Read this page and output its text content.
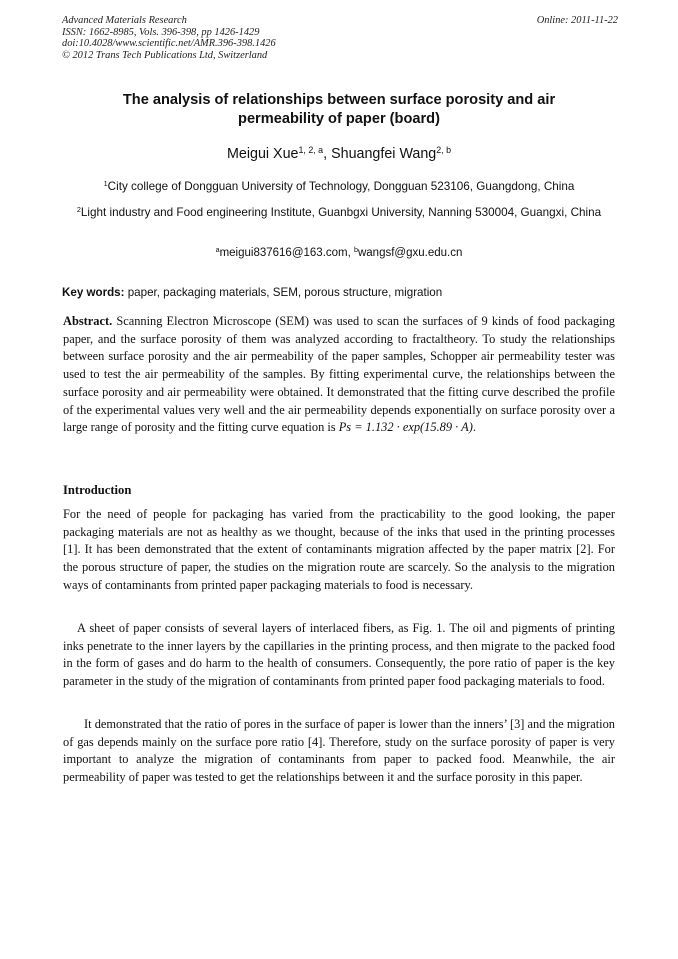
Advanced Materials Research	Online: 2011-11-22
ISSN: 1662-8985, Vols. 396-398, pp 1426-1429
doi:10.4028/www.scientific.net/AMR.396-398.1426
© 2012 Trans Tech Publications Ltd, Switzerland
The analysis of relationships between surface porosity and air
permeability of paper (board)
Meigui Xue$^{1, 2, a}$, Shuangfei Wang$^{2, b}$
$^1$City college of Dongguan University of Technology, Dongguan 523106, Guangdong, China
$^2$Light industry and Food engineering Institute, Guanbgxi University, Nanning 530004, Guangxi, China
$^a$meigui837616@163.com, $^b$wangsf@gxu.edu.cn
Key words: paper, packaging materials, SEM, porous structure, migration
Abstract. Scanning Electron Microscope (SEM) was used to scan the surfaces of 9 kinds of food packaging paper, and the surface porosity of them was analyzed according to fractaltheory. To study the relationships between surface porosity and the air permeability of the paper samples, Schopper air permeability tester was used to test the air permeability of the samples. By fitting experimental curve, the relationships between the surface porosity and air permeability were obtained. It demonstrated that the fitting curve described the profile of the experimental values very well and the air permeability depends exponentially on surface porosity over a large range of porosity and the fitting curve equation is Ps = 1.132 · exp(15.89 · A).
Introduction
For the need of people for packaging has varied from the practicability to the good looking, the paper packaging materials are not as healthy as we thought, because of the inks that used in the printing processes [1]. It has been demonstrated that the extent of contaminants migration affected by the paper matrix [2]. For the porous structure of paper, the studies on the migration route are scarcely. So the analysis to the migration ways of contaminants from printed paper packaging materials to food is necessary.
A sheet of paper consists of several layers of interlaced fibers, as Fig. 1. The oil and pigments of printing inks penetrate to the inner layers by the capillaries in the printing process, and then migrate to the packed food in the form of gases and do harm to the health of consumers. Consequently, the pore ratio of paper is the key parameter in the study of the migration of contaminants from printed paper food packaging materials to food.
It demonstrated that the ratio of pores in the surface of paper is lower than the inners’ [3] and the migration of gas depends mainly on the surface pore ratio [4]. Therefore, study on the surface porosity of paper is very important to analyze the migration of contaminants from paper to packed food. Meanwhile, the air permeability of paper was tested to get the relationships between it and the surface porosity in this paper.
